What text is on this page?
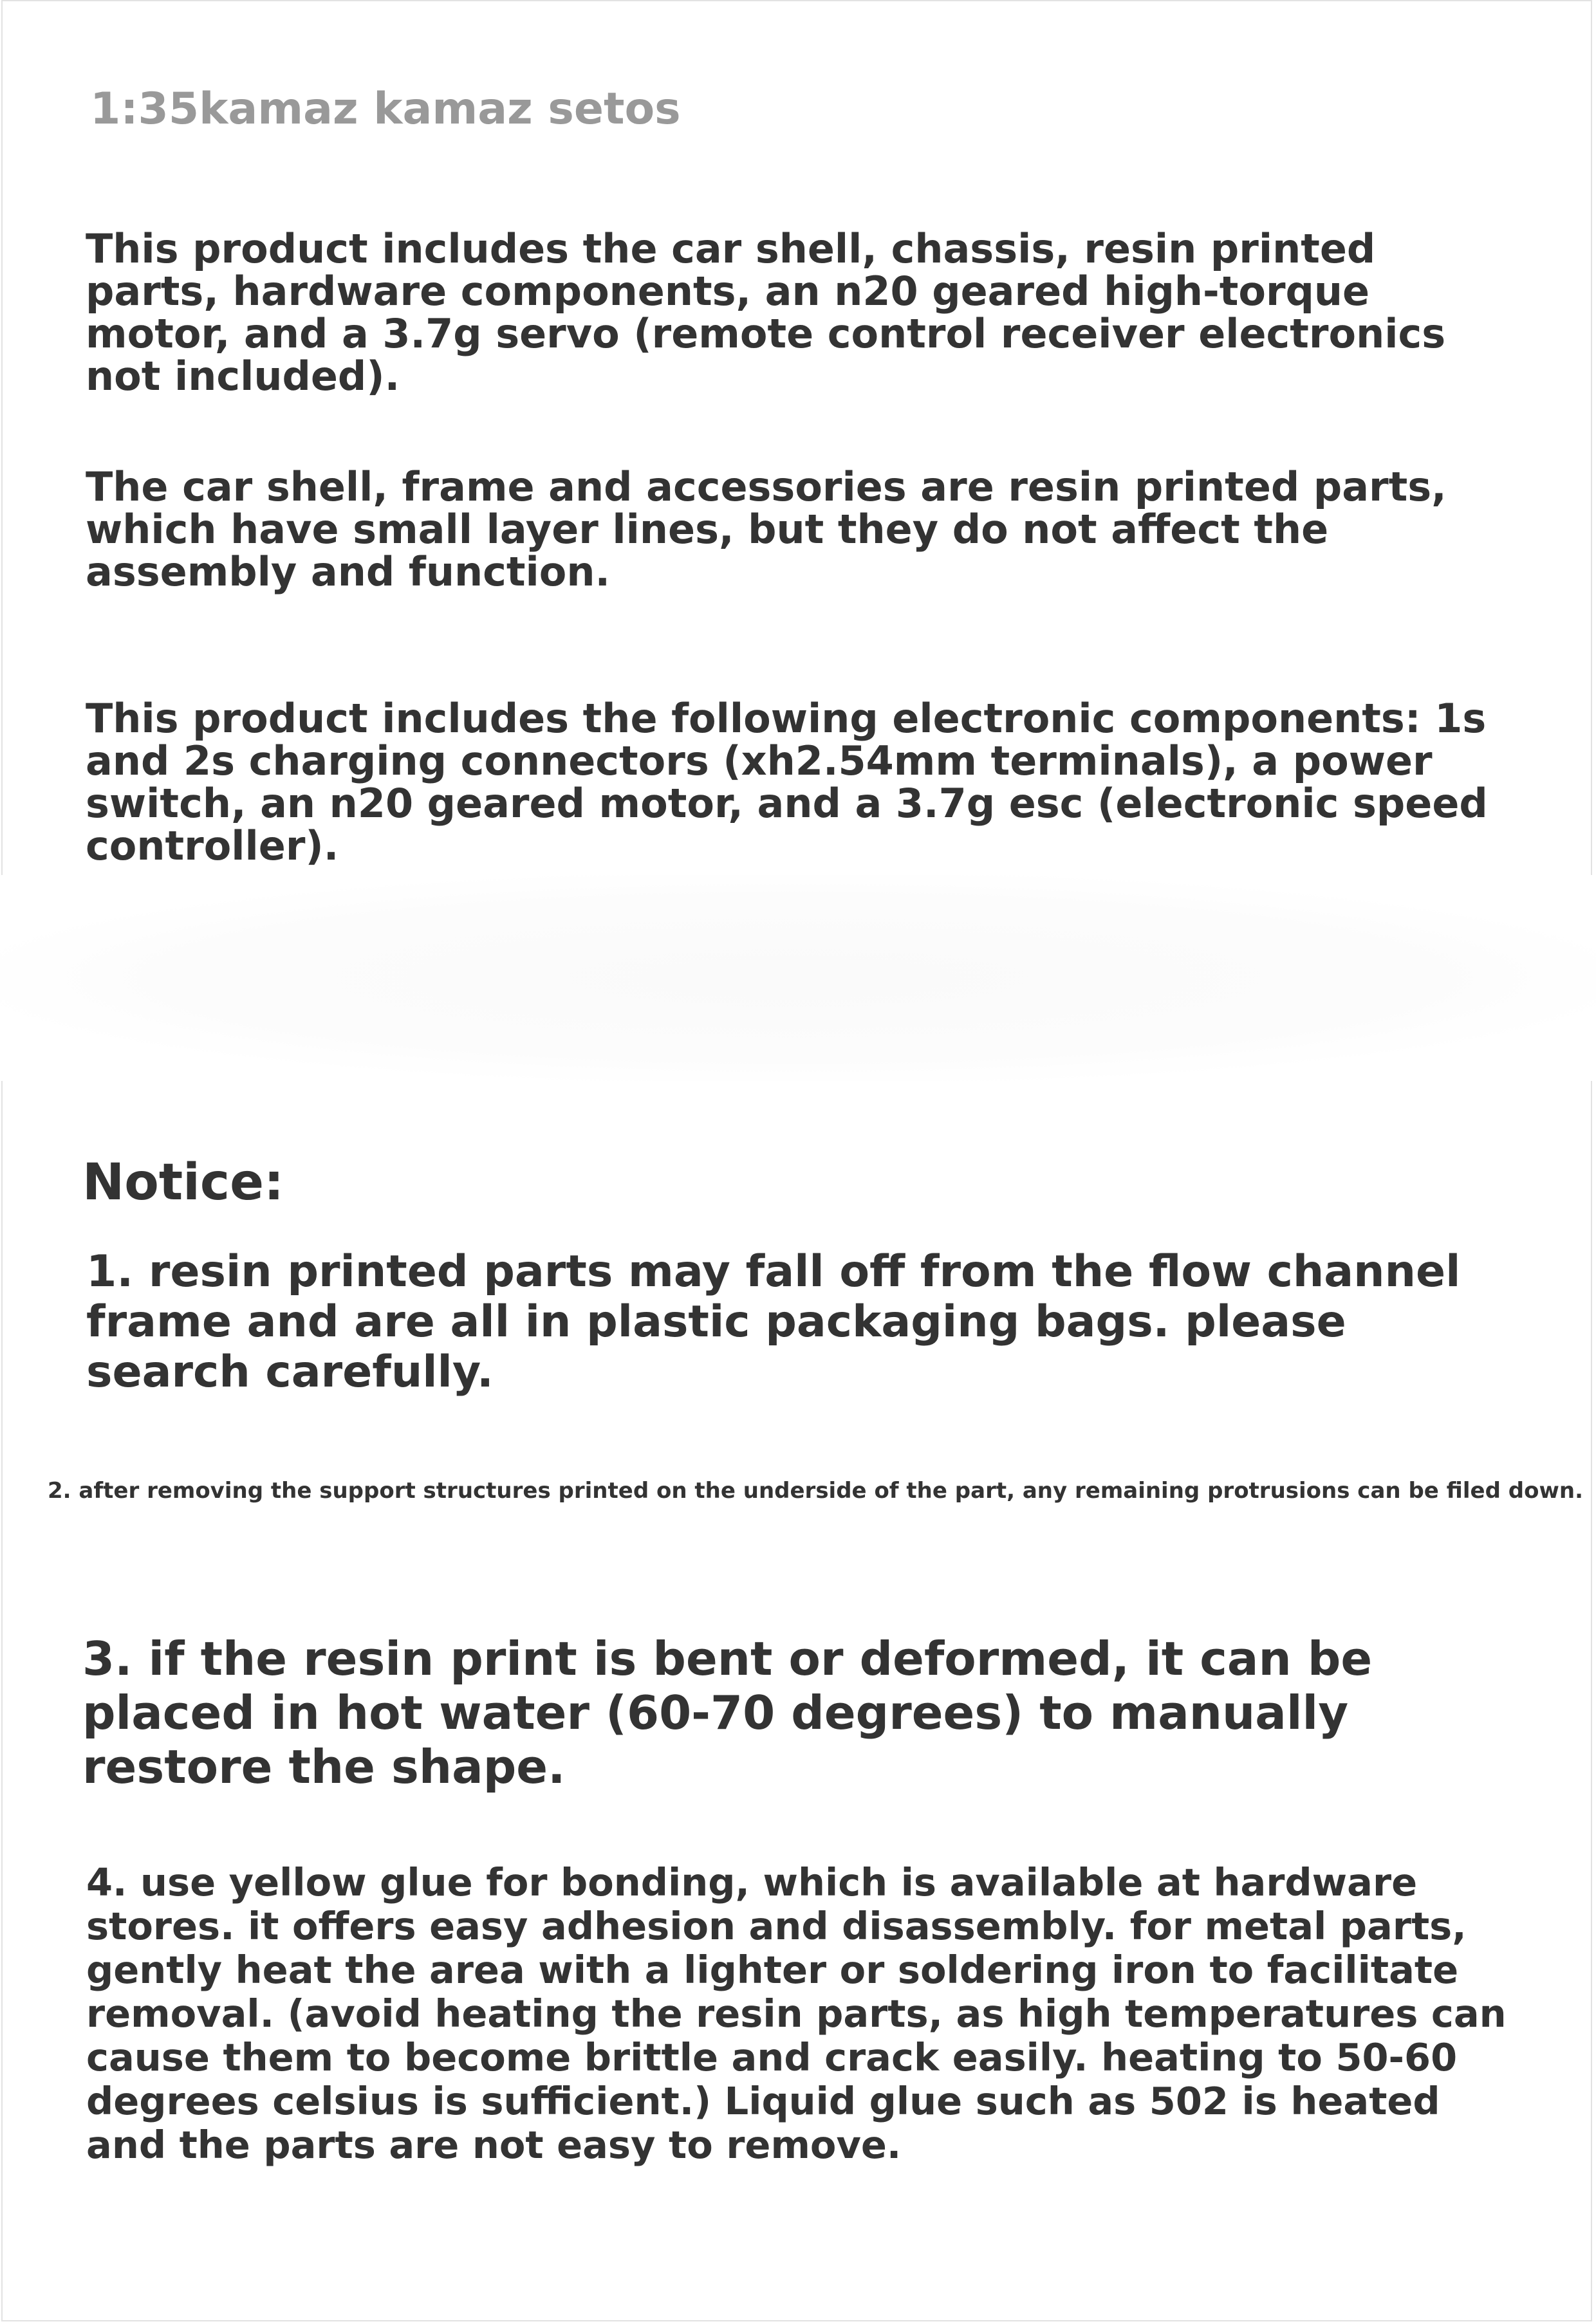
1:35kamaz kamaz setos

This product includes the car shell, chassis, resin printed parts, hardware components, an n20 geared high-torque motor, and a 3.7g servo (remote control receiver electronics not included).

The car shell, frame and accessories are resin printed parts, which have small layer lines, but they do not affect the assembly and function.

This product includes the following electronic components: 1s and 2s charging connectors (xh2.54mm terminals), a power switch, an n20 geared motor, and a 3.7g esc (electronic speed controller).

Notice:

1. resin printed parts may fall off from the flow channel frame and are all in plastic packaging bags. please search carefully.

2. after removing the support structures printed on the underside of the part, any remaining protrusions can be filed down.

3. if the resin print is bent or deformed, it can be placed in hot water (60-70 degrees) to manually restore the shape.

4. use yellow glue for bonding, which is available at hardware stores. it offers easy adhesion and disassembly. for metal parts, gently heat the area with a lighter or soldering iron to facilitate removal. (avoid heating the resin parts, as high temperatures can cause them to become brittle and crack easily. heating to 50-60 degrees celsius is sufficient.) Liquid glue such as 502 is heated and the parts are not easy to remove.
